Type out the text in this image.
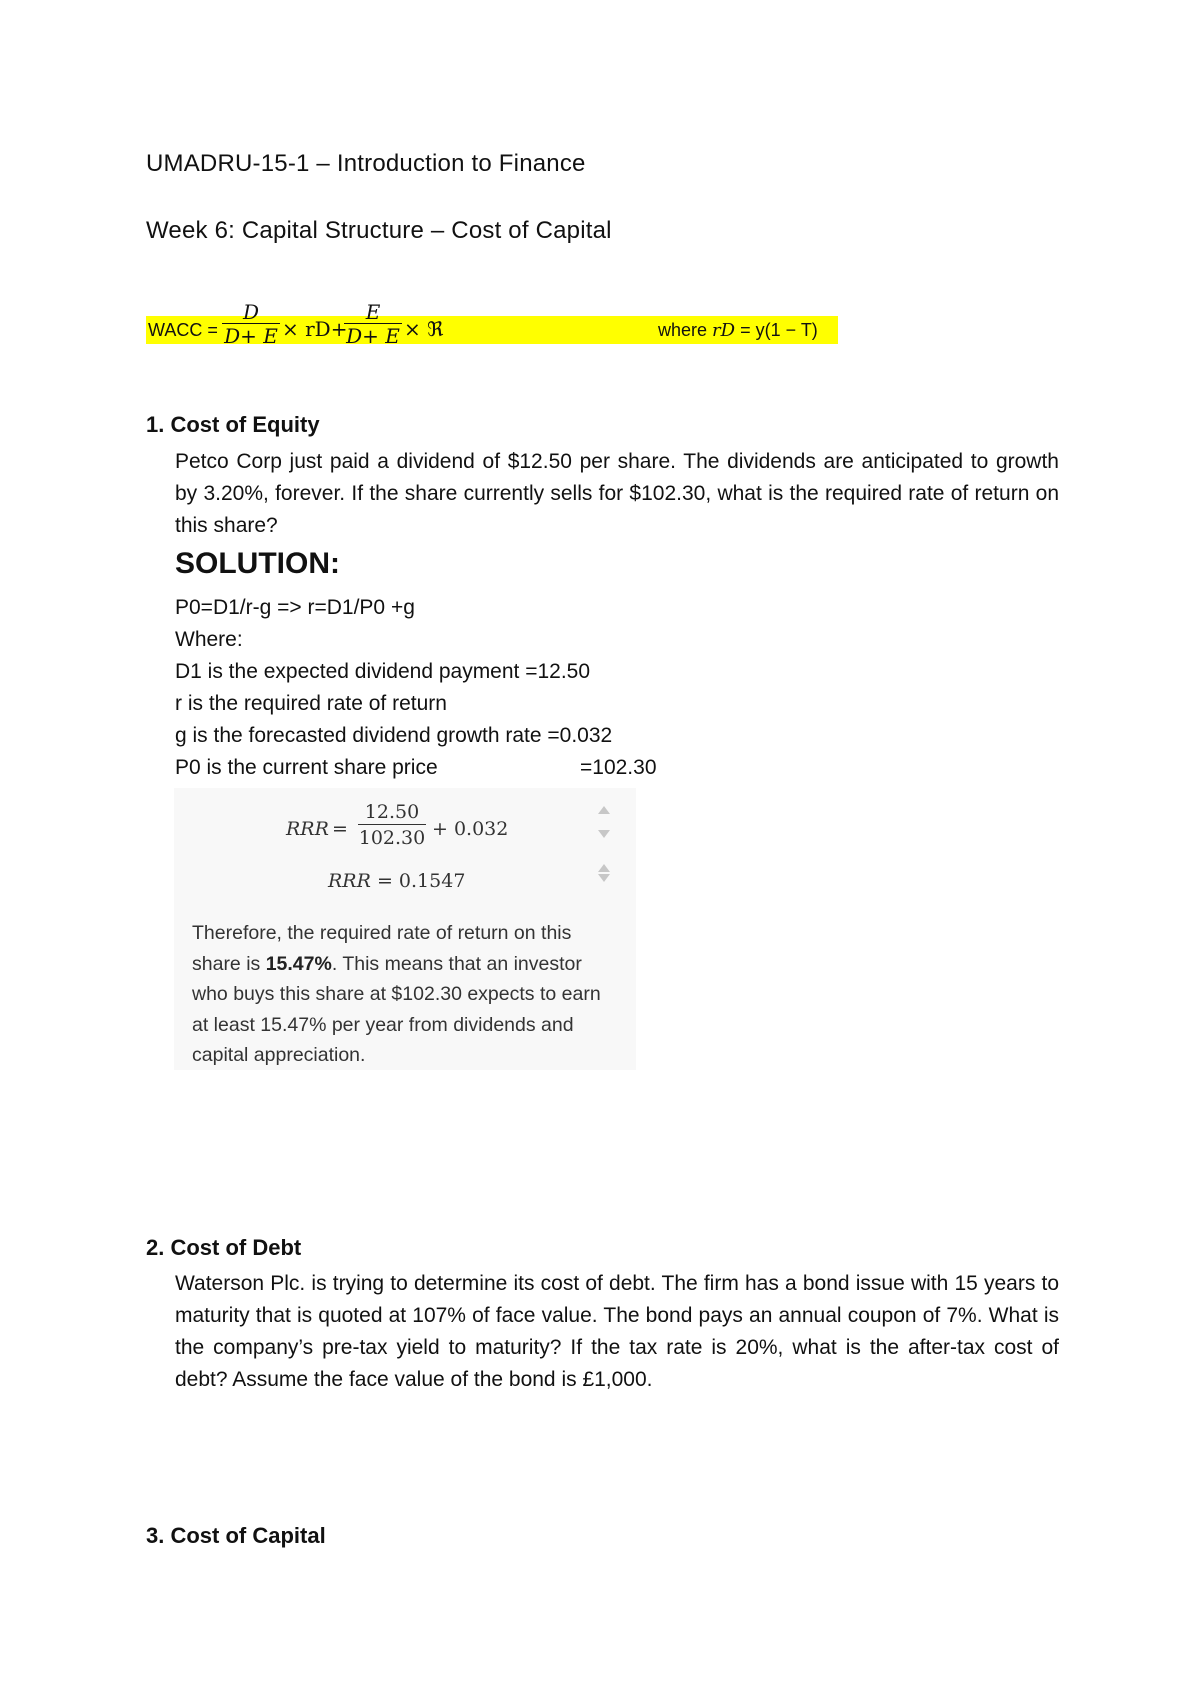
UMADRU-15-1 – Introduction to Finance
Week 6: Capital Structure – Cost of Capital
WACC = $\frac{D}{D+ E} \times rD+$
$\frac{E}{D+ E}$ × ℜ	where rD = y(1 − T)
1. Cost of Equity
Petco Corp just paid a dividend of $12.50 per share. The dividends are anticipated to growth by 3.20%, forever. If the share currently sells for $102.30, what is the required rate of return on this share?
SOLUTION:
P0=D1/r-g => r=D1/P0 +g
Where:
D1 is the expected dividend payment =12.50
r is the required rate of return
g is the forecasted dividend growth rate =0.032
P0 is the current share price	=102.30
RRR = $\frac{12.50}{102.30} + 0.032$
RRR = 0.1547
Therefore, the required rate of return on this share is 15.47%. This means that an investor who buys this share at $102.30 expects to earn at least 15.47% per year from dividends and capital appreciation.
2. Cost of Debt
Waterson Plc. is trying to determine its cost of debt. The firm has a bond issue with 15 years to maturity that is quoted at 107% of face value. The bond pays an annual coupon of 7%. What is the company’s pre-tax yield to maturity? If the tax rate is 20%, what is the after-tax cost of debt? Assume the face value of the bond is £1,000.
3. Cost of Capital
